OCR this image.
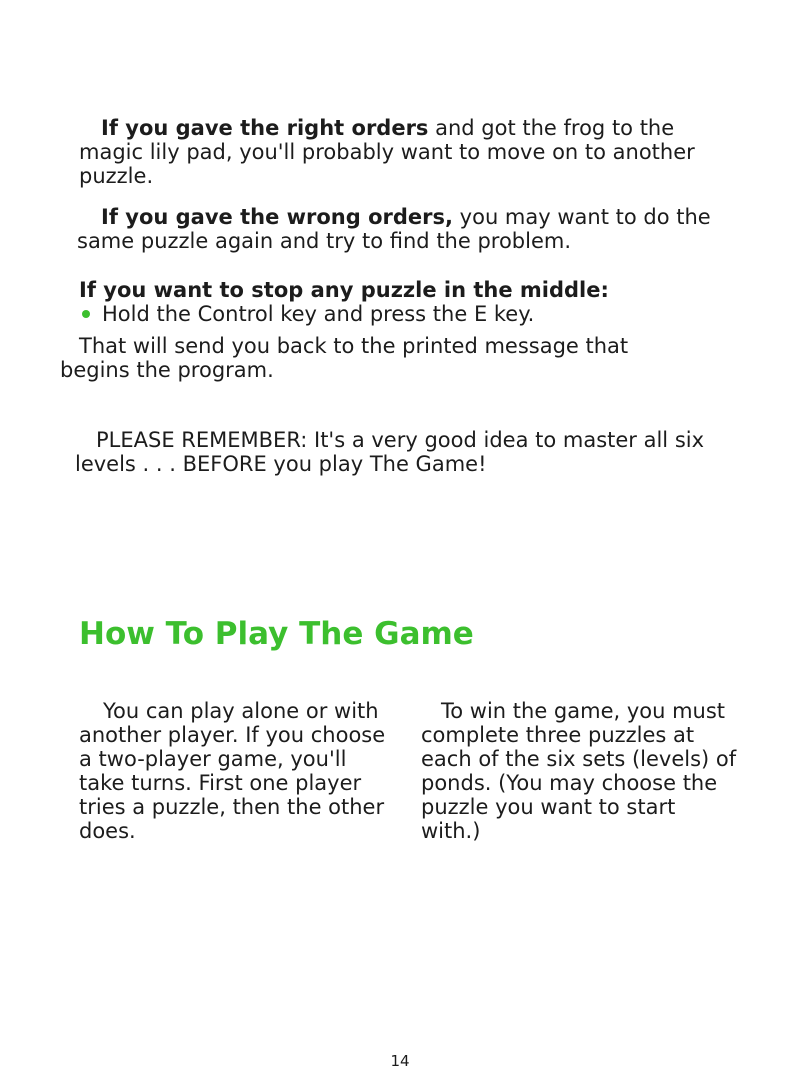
If you gave the right orders and got the frog to the magic lily pad, you'll probably want to move on to another puzzle.

If you gave the wrong orders, you may want to do the same puzzle again and try to find the problem.

If you want to stop any puzzle in the middle:

Hold the Control key and press the E key.

That will send you back to the printed message that begins the program.

PLEASE REMEMBER: It's a very good idea to master all six levels . . . BEFORE you play The Game!

How To Play The Game

You can play alone or with another player. If you choose a two-player game, you'll take turns. First one player tries a puzzle, then the other does.

To win the game, you must complete three puzzles at each of the six sets (levels) of ponds. (You may choose the puzzle you want to start with.)

14
